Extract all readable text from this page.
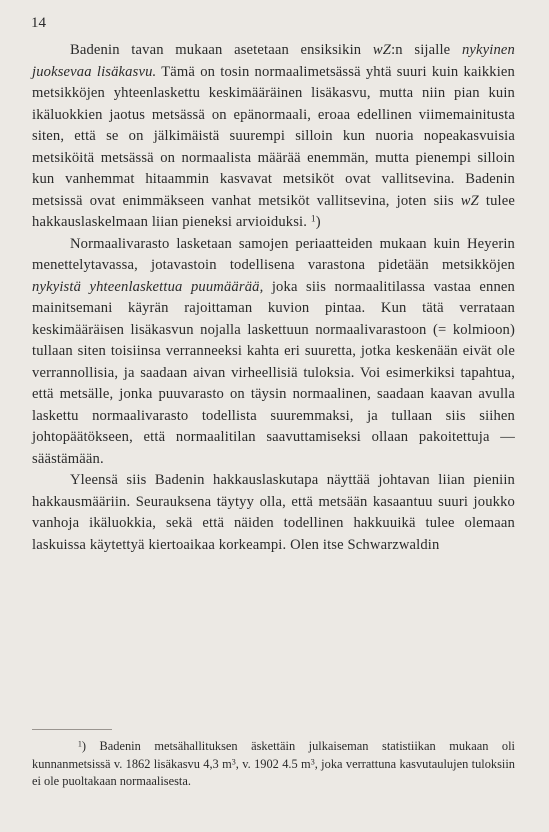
14

Badenin tavan mukaan asetetaan ensiksikin wZ:n sijalle nykyinen juoksevaa lisäkasvu. Tämä on tosin normaalimetsässä yhtä suuri kuin kaikkien metsikköjen yhteenlaskettu keskimääräinen lisäkasvu, mutta niin pian kuin ikäluokkien jaotus metsässä on epänormaali, eroaa edellinen viimemainitusta siten, että se on jälkimäistä suurempi silloin kun nuoria nopeakasvuisia metsiköitä metsässä on normaalista määrää enemmän, mutta pienempi silloin kun vanhemmat hitaammin kasvavat metsiköt ovat vallitsevina. Badenin metsissä ovat enimmäkseen vanhat metsiköt vallitsevina, joten siis wZ tulee hakkauslaskelmaan liian pieneksi arvioiduksi. $^1$)

Normaalivarasto lasketaan samojen periaatteiden mukaan kuin Heyerin menettelytavassa, jotavastoin todellisena varastona pidetään metsikköjen nykyistä yhteenlaskettua puumäärää, joka siis normaalitilassa vastaa ennen mainitsemani käyrän rajoittaman kuvion pintaa. Kun tätä verrataan keskimääräisen lisäkasvun nojalla laskettuun normaalivarastoon (= kolmioon) tullaan siten toisiinsa verranneeksi kahta eri suuretta, jotka keskenään eivät ole verrannollisia, ja saadaan aivan virheellisiä tuloksia. Voi esimerkiksi tapahtua, että metsälle, jonka puuvarasto on täysin normaalinen, saadaan kaavan avulla laskettu normaalivarasto todellista suuremmaksi, ja tullaan siis siihen johtopäätökseen, että normaalitilan saavuttamiseksi ollaan pakoitettuja — säästämään.

Yleensä siis Badenin hakkauslaskutapa näyttää johtavan liian pieniin hakkausmääriin. Seurauksena täytyy olla, että metsään kasaantuu suuri joukko vanhoja ikäluokkia, sekä että näiden todellinen hakkuuikä tulee olemaan laskuissa käytettyä kiertoaikaa korkeampi. Olen itse Schwarzwaldin

$^1$) Badenin metsähallituksen äskettäin julkaiseman statistiikan mukaan oli kunnanmetsissä v. 1862 lisäkasvu 4,3 $m^3$, v. 1902 4.5 $m^3$, joka verrattuna kasvutaulujen tuloksiin ei ole puoltakaan normaalisesta.
